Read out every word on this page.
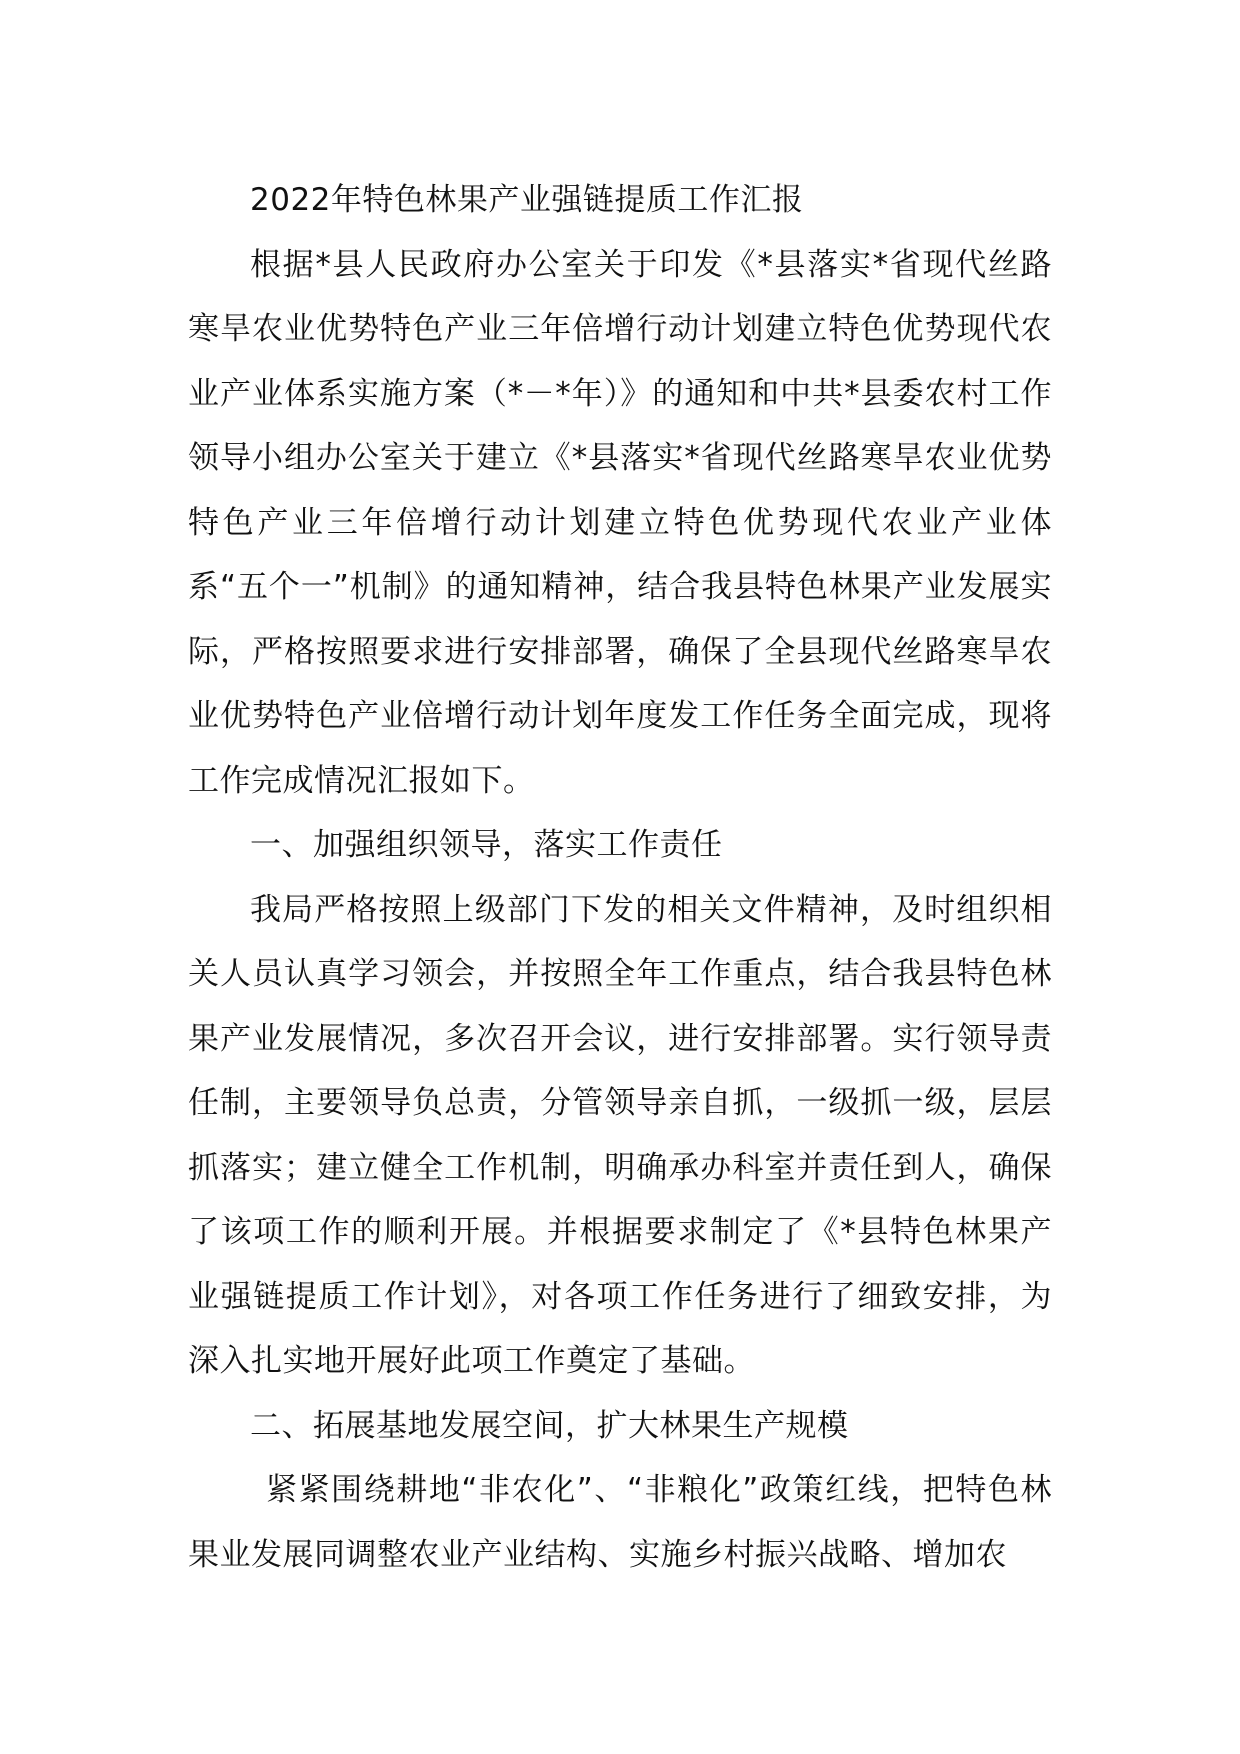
2022年特色林果产业强链提质工作汇报

根据*县人民政府办公室关于印发《*县落实*省现代丝路寒旱农业优势特色产业三年倍增行动计划建立特色优势现代农业产业体系实施方案（*－*年）》的通知和中共*县委农村工作领导小组办公室关于建立《*县落实*省现代丝路寒旱农业优势特色产业三年倍增行动计划建立特色优势现代农业产业体系“五个一”机制》的通知精神，结合我县特色林果产业发展实际，严格按照要求进行安排部署，确保了全县现代丝路寒旱农业优势特色产业倍增行动计划年度发工作任务全面完成，现将工作完成情况汇报如下。

一、加强组织领导，落实工作责任

我局严格按照上级部门下发的相关文件精神，及时组织相关人员认真学习领会，并按照全年工作重点，结合我县特色林果产业发展情况，多次召开会议，进行安排部署。实行领导责任制，主要领导负总责，分管领导亲自抓，一级抓一级，层层抓落实；建立健全工作机制，明确承办科室并责任到人，确保了该项工作的顺利开展。并根据要求制定了《*县特色林果产业强链提质工作计划》，对各项工作任务进行了细致安排，为深入扎实地开展好此项工作奠定了基础。

二、拓展基地发展空间，扩大林果生产规模

紧紧围绕耕地“非农化”、“非粮化”政策红线，把特色林果业发展同调整农业产业结构、实施乡村振兴战略、增加农
